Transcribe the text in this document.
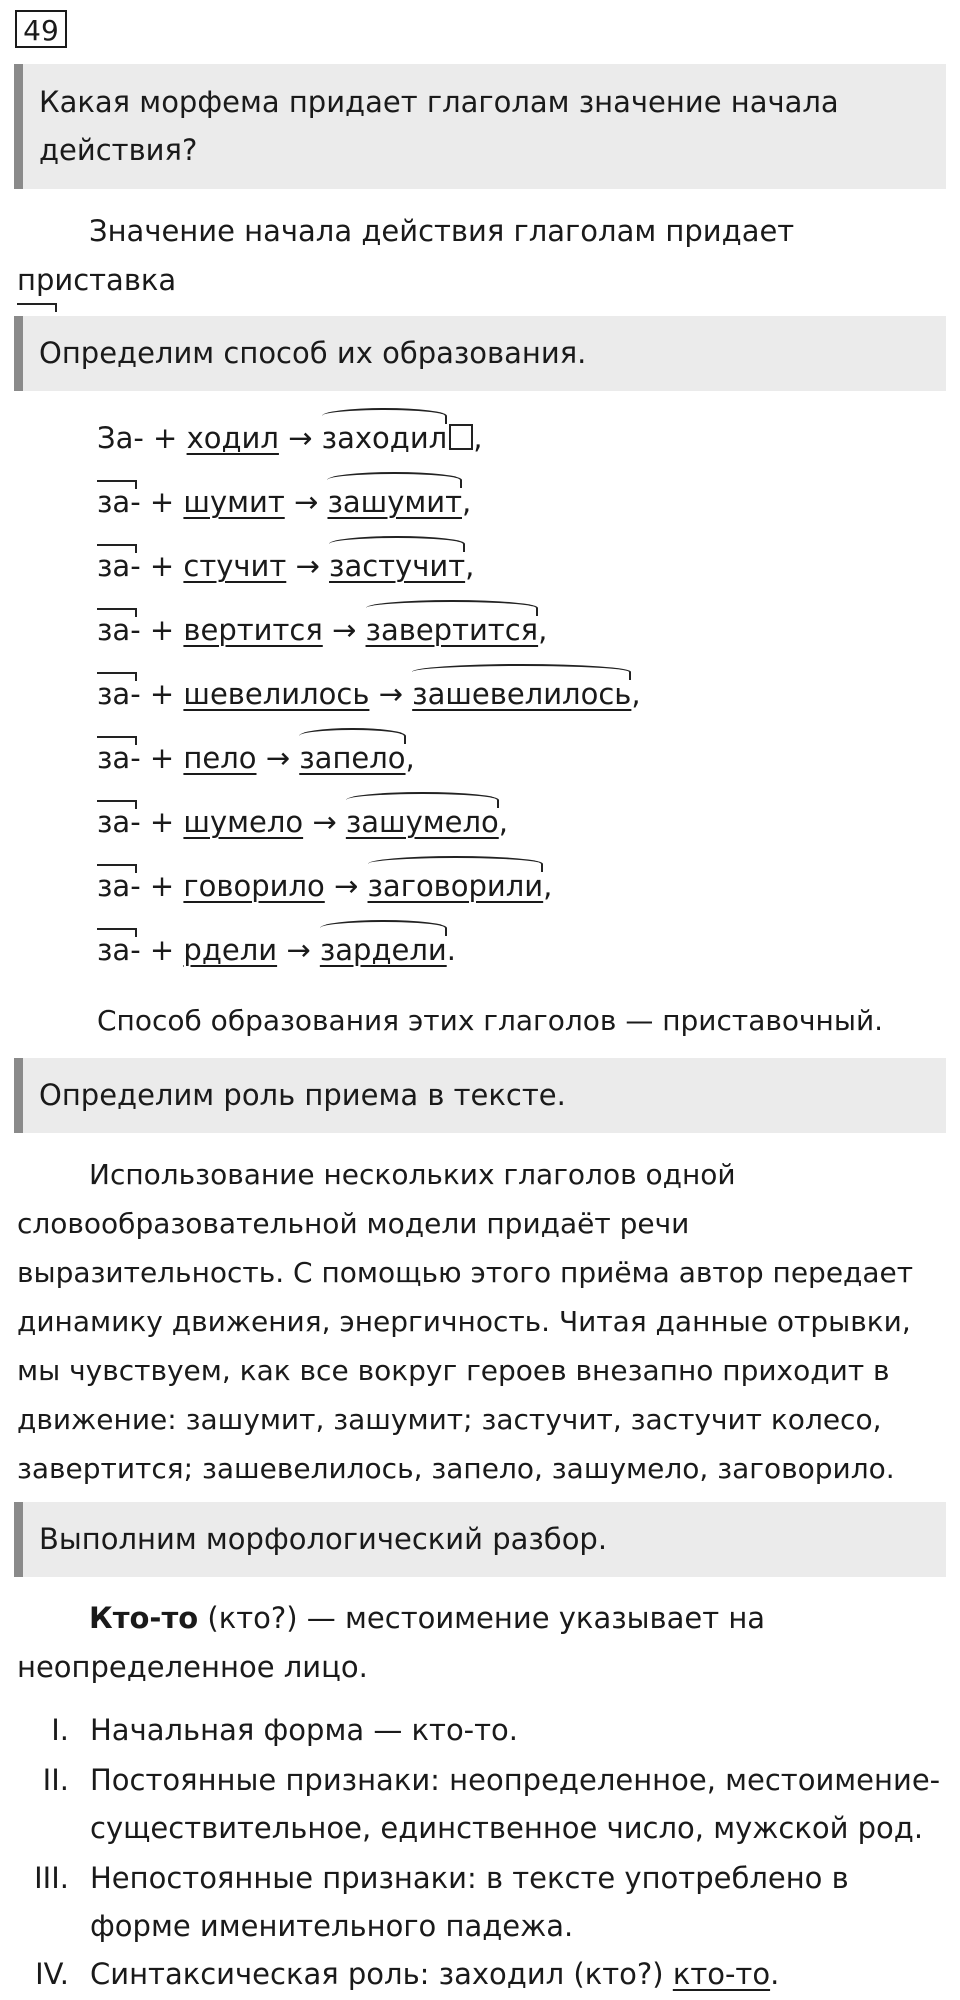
49
Какая морфема придает глаголам значение начала действия?
Значение начала действия глаголам придает приставка

Определим способ их образования.
За- + ходил → заходил ,
за- + шумит → зашумит,
за- + стучит → застучит,
за- + вертится → завертится,
за- + шевелилось → зашевелилось,
за- + пело → запело,
за- + шумело → зашумело,
за- + говорило → заговорили,
за- + рдели → зардели.
Способ образования этих глаголов — приставочный.
Определим роль приема в тексте.
Использование нескольких глаголов одной словообразовательной модели придаёт речи выразительность. С помощью этого приёма автор передает динамику движения, энергичность. Читая данные отрывки, мы чувствуем, как все вокруг героев внезапно приходит в движение: зашумит, зашумит; застучит, застучит колесо, завертится; зашевелилось, запело, зашумело, заговорило.
Выполним морфологический разбор.
Кто-то (кто?) — местоимение указывает на неопределенное лицо.
I. Начальная форма — кто-то.
II. Постоянные признаки: неопределенное, местоимение-существительное, единственное число, мужской род.
III. Непостоянные признаки: в тексте употреблено в форме именительного падежа.
IV. Синтаксическая роль: заходил (кто?) кто-то.
